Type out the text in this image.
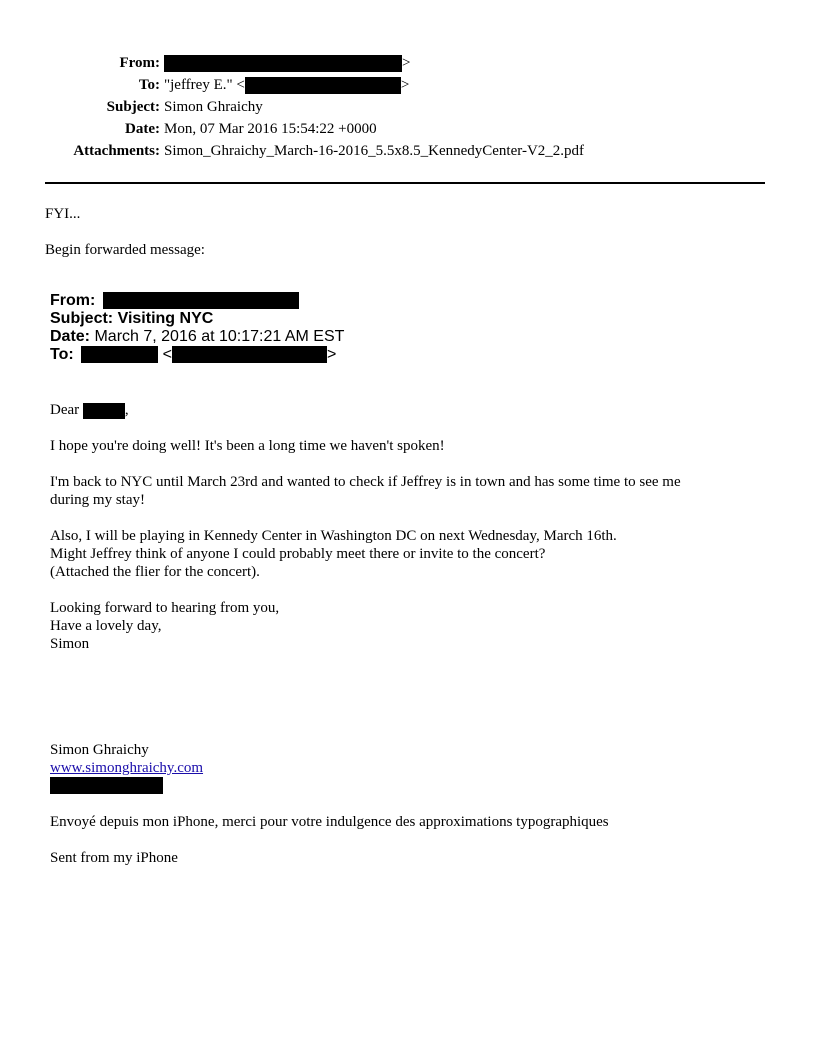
From:	>
To: "jeffrey E." <	>
Subject: Simon Ghraichy
Date: Mon, 07 Mar 2016 15:54:22 +0000
Attachments: Simon_Ghraichy_March-16-2016_5.5x8.5_KennedyCenter-V2_2.pdf
FYI...
Begin forwarded message:
From:
Subject: Visiting NYC
Date: March 7, 2016 at 10:17:21 AM EST
To:	<	>
Dear	,
I hope you're doing well! It's been a long time we haven't spoken!
I'm back to NYC until March 23rd and wanted to check if Jeffrey is in town and has some time to see me
during my stay!
Also, I will be playing in Kennedy Center in Washington DC on next Wednesday, March 16th.
Might Jeffrey think of anyone I could probably meet there or invite to the concert?
(Attached the flier for the concert).
Looking forward to hearing from you,
Have a lovely day,
Simon
Simon Ghraichy
www.simonghraichy.com
Envoyé depuis mon iPhone, merci pour votre indulgence des approximations typographiques
Sent from my iPhone
